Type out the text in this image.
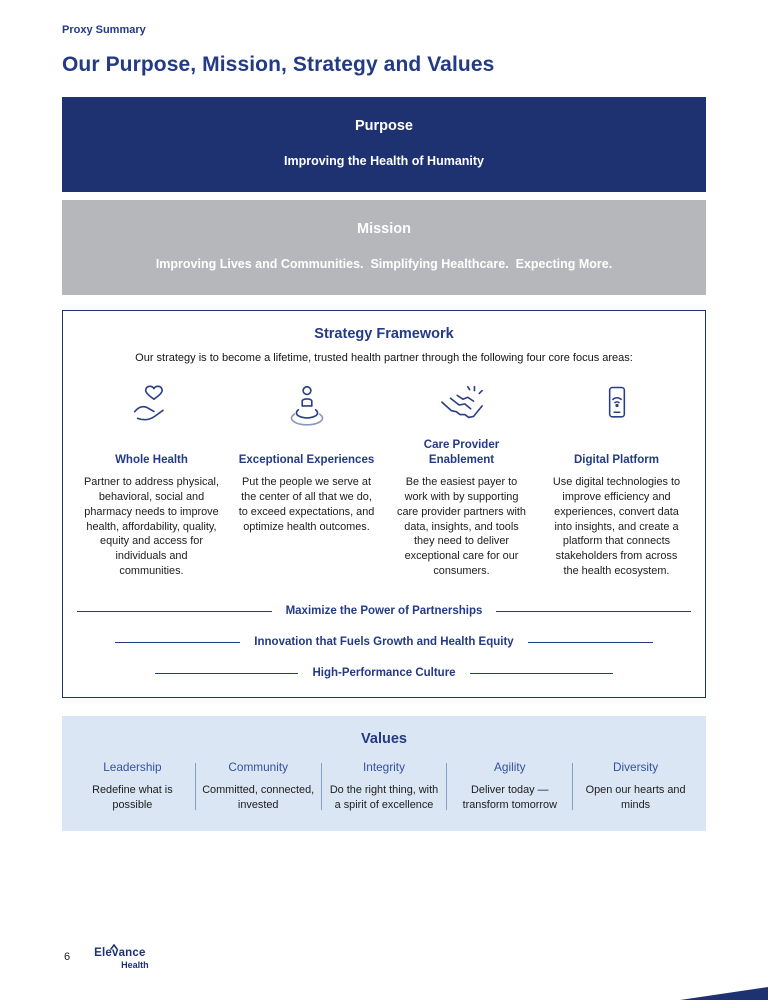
Proxy Summary
Our Purpose, Mission, Strategy and Values
Purpose
Improving the Health of Humanity
Mission
Improving Lives and Communities.  Simplifying Healthcare.  Expecting More.
Strategy Framework
Our strategy is to become a lifetime, trusted health partner through the following four core focus areas:
Whole Health	Exceptional Experiences
Care Provider Enablement	Digital Platform
Partner to address physical, behavioral, social and pharmacy needs to improve health, affordability, quality, equity and access for individuals and communities.
Put the people we serve at the center of all that we do, to exceed expectations, and optimize health outcomes.
Be the easiest payer to work with by supporting care provider partners with data, insights, and tools they need to deliver exceptional care for our consumers.
Use digital technologies to improve efficiency and experiences, convert data into insights, and create a platform that connects stakeholders from across the health ecosystem.
Maximize the Power of Partnerships
Innovation that Fuels Growth and Health Equity
High-Performance Culture
Values
Leadership
Redefine what is possible
Community
Committed, connected, invested
Integrity
Do the right thing, with a spirit of excellence
Agility
Deliver today — transform tomorrow
Diversity
Open our hearts and minds
6 Elevance
Health
